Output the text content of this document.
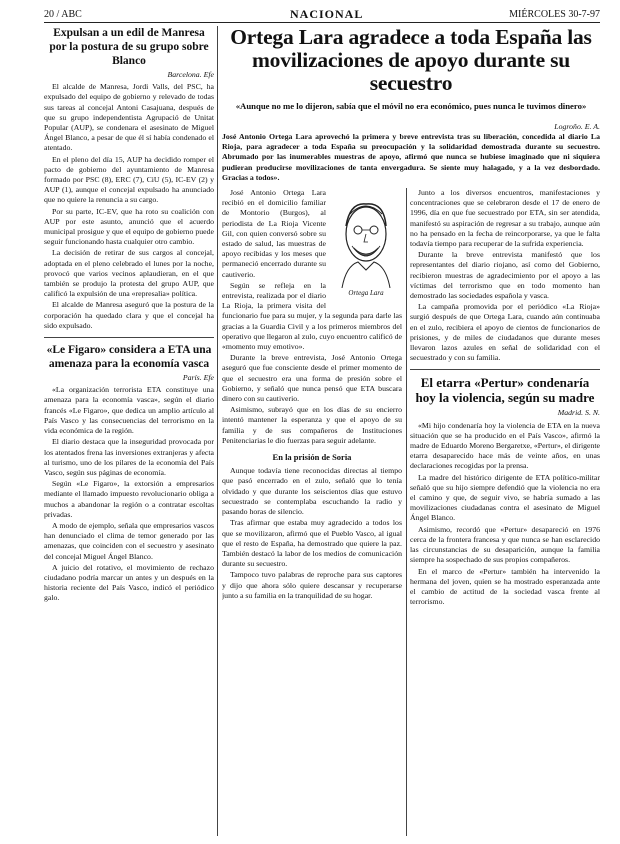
20 / ABC	NACIONAL	MIÉRCOLES 30-7-97
Expulsan a un edil de Manresa por la postura de su grupo sobre Blanco
Barcelona. Efe
El alcalde de Manresa, Jordi Valls, del PSC, ha expulsado del equipo de gobierno y relevado de todas sus tareas al concejal Antoni Casajuana, después de que su grupo independentista Agrupació de Unitat Popular (AUP), se condenara el asesinato de Miguel Ángel Blanco, a pesar de que él sí había condenado el atentado.
En el pleno del día 15, AUP ha decidido romper el pacto de gobierno del ayuntamiento de Manresa formado por PSC (8), ERC (7), CiU (5), IC-EV (2) y AUP (1), aunque el concejal expulsado ha anunciado que no quiere la renuncia a su cargo.
Por su parte, IC-EV, que ha roto su coalición con AUP por este asunto, anunció que el acuerdo municipal prosigue y que el equipo de gobierno puede seguir funcionando hasta cualquier otro cambio.
La decisión de retirar de sus cargos al concejal, adoptada en el pleno celebrado el lunes por la noche, provocó que varios vecinos aplaudieran, en el que también se produjo la protesta del grupo AUP, que calificó la expulsión de una «represalia» política.
El alcalde de Manresa aseguró que la postura de la corporación ha quedado clara y que el concejal ha sido expulsado.
«Le Figaro» considera a ETA una amenaza para la economía vasca
París. Efe
«La organización terrorista ETA constituye una amenaza para la economía vasca», según el diario francés «Le Figaro», que dedica un amplio artículo al País Vasco y las consecuencias del terrorismo en la vida económica de la región.
El diario destaca que la inseguridad provocada por los atentados frena las inversiones extranjeras y afecta al turismo, uno de los pilares de la economía del País Vasco, según sus páginas de economía.
Según «Le Figaro», la extorsión a empresarios mediante el llamado impuesto revolucionario obliga a muchos a abandonar la región o a contratar escoltas privadas.
A modo de ejemplo, señala que empresarios vascos han denunciado el clima de temor generado por las amenazas, que coinciden con el secuestro y asesinato del concejal Miguel Ángel Blanco.
A juicio del rotativo, el movimiento de rechazo ciudadano podría marcar un antes y un después en la historia reciente del País Vasco, indicó el periódico galo.
Ortega Lara agradece a toda España las movilizaciones de apoyo durante su secuestro
«Aunque no me lo dijeron, sabía que el móvil no era económico, pues nunca le tuvimos dinero»
Logroño. E. A.
José Antonio Ortega Lara aprovechó la primera y breve entrevista tras su liberación, concedida al diario La Rioja, para agradecer a toda España su preocupación y la solidaridad demostrada durante su secuestro. Abrumado por las inumerables muestras de apoyo, afirmó que nunca se hubiese imaginado que ni siquiera pudieran producirse movilizaciones de tanta envergadura. Se siente muy halagado, y a la vez desbordado. Gracias a todos».
Ortega Lara
José Antonio Ortega Lara recibió en el domicilio familiar de Montorio (Burgos), al periodista de La Rioja Vicente Gil, con quien conversó sobre su estado de salud, las muestras de apoyo recibidas y los meses que permaneció encerrado durante su cautiverio.
Según se refleja en la entrevista, realizada por el diario La Rioja, la primera visita del funcionario fue para su mujer, y la segunda para darle las gracias a la Guardia Civil y a los primeros miembros del operativo que llegaron al zulo, cuyo encuentro calificó de «momento muy emotivo».
Durante la breve entrevista, José Antonio Ortega aseguró que fue consciente desde el primer momento de que el secuestro era una forma de presión sobre el Gobierno, y señaló que nunca pensó que ETA buscara dinero con su cautiverio.
Asimismo, subrayó que en los días de su encierro intentó mantener la esperanza y que el apoyo de su familia y de sus compañeros de Instituciones Penitenciarias le dio fuerzas para seguir adelante.
En la prisión de Soria
Aunque todavía tiene reconocidas directas al tiempo que pasó encerrado en el zulo, señaló que lo tenía olvidado y que durante los seiscientos días que estuvo secuestrado se contemplaba escuchando la radio y pasando horas de silencio.
Tras afirmar que estaba muy agradecido a todos los que se movilizaron, afirmó que el Pueblo Vasco, al igual que el resto de España, ha demostrado que quiere la paz. También destacó la labor de los medios de comunicación durante su secuestro.
Tampoco tuvo palabras de reproche para sus captores y dijo que ahora sólo quiere descansar y recuperarse junto a su familia en la tranquilidad de su hogar.
Junto a los diversos encuentros, manifestaciones y concentraciones que se celebraron desde el 17 de enero de 1996, día en que fue secuestrado por ETA, sin ser atendida, manifestó su aspiración de regresar a su trabajo, aunque aún no ha pensado en la fecha de reincorporarse, ya que le falta todavía tiempo para recuperar de la sufrida experiencia.
Durante la breve entrevista manifestó que los representantes del diario riojano, así como del Gobierno, recibieron muestras de agradecimiento por el apoyo a las víctimas del terrorismo que en todo momento han demostrado las sociedades española y vasca.
La campaña promovida por el periódico «La Rioja» surgió después de que Ortega Lara, cuando aún continuaba en el zulo, recibiera el apoyo de cientos de funcionarios de prisiones, y de miles de ciudadanos que durante meses llevaron lazos azules en señal de solidaridad con el secuestrado y con su familia.
El etarra «Pertur» condenaría hoy la violencia, según su madre
Madrid. S. N.
«Mi hijo condenaría hoy la violencia de ETA en la nueva situación que se ha producido en el País Vasco», afirmó la madre de Eduardo Moreno Bergaretxe, «Pertur», el dirigente etarra desaparecido hace más de veinte años, en unas declaraciones recogidas por la prensa.
La madre del histórico dirigente de ETA político-militar señaló que su hijo siempre defendió que la violencia no era el camino y que, de seguir vivo, se habría sumado a las movilizaciones ciudadanas contra el asesinato de Miguel Ángel Blanco.
Asimismo, recordó que «Pertur» desapareció en 1976 cerca de la frontera francesa y que nunca se han esclarecido las circunstancias de su desaparición, aunque la familia siempre ha sospechado de sus propios compañeros.
En el marco de «Pertur» también ha intervenido la hermana del joven, quien se ha mostrado esperanzada ante el cambio de actitud de la sociedad vasca frente al terrorismo.
